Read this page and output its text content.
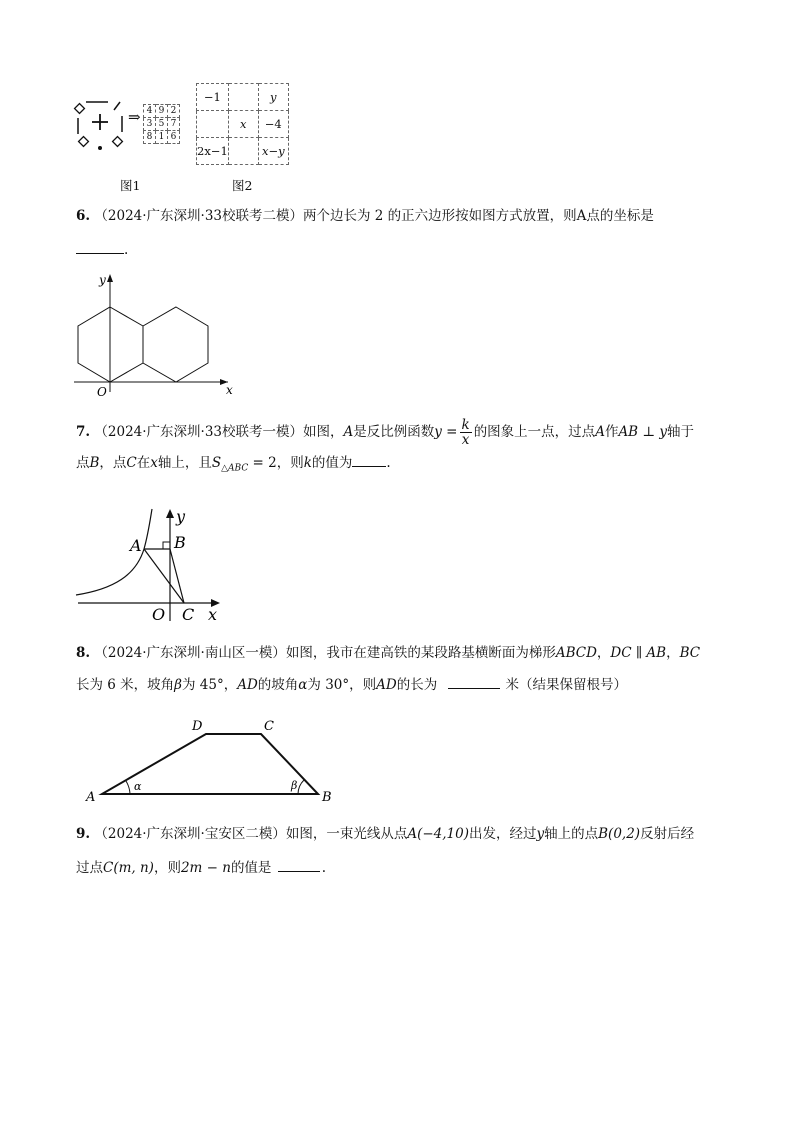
⇒ 4	9	2
3	5	7
8	1	6
−1		y
	x	−4
2x−1		x−y
图1	图2
6. （2024·广东深圳·33校联考二模）两个边长为 2 的正六边形按如图方式放置，则A点的坐标是

.
y
x
O
7. （2024·广东深圳·33校联考一模）如图，A是反比例函数$y = \frac{k}{x}$ 的图象上一点，过点A作AB ⊥ y轴于
点B，点C在x轴上，且$S_{\triangle ABC} = 2$，则k的值为	.
A B
C
O	x
y
8. （2024·广东深圳·南山区一模）如图，我市在建高铁的某段路基横断面为梯形ABCD，DC ∥ AB，BC
长为 6 米，坡角β为 45°，AD的坡角α为 30°，则AD的长为	米（结果保留根号）
A	B
C
D
α	β
9. （2024·广东深圳·宝安区二模）如图，一束光线从点A(−4,10)出发，经过y轴上的点B(0,2)反射后经
过点C(m, n)，则2m − n的值是	.
